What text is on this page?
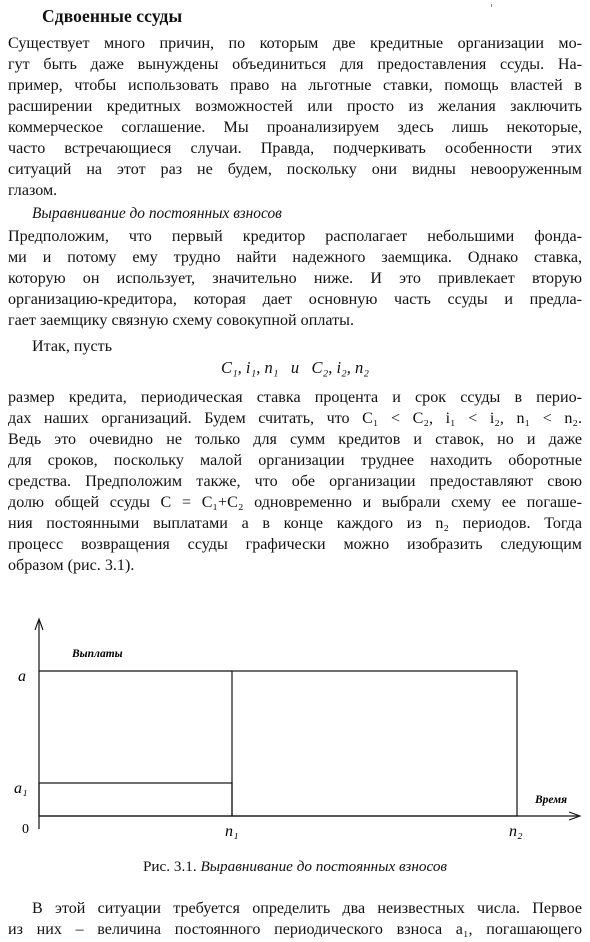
Сдвоенные ссуды	'
Существует много причин, по которым две кредитные организации мо-
гут быть даже вынуждены объединиться для предоставления ссуды. На-
пример, чтобы использовать право на льготные ставки, помощь властей в
расширении кредитных возможностей или просто из желания заключить
коммерческое соглашение. Мы проанализируем здесь лишь некоторые,
часто встречающиеся случаи. Правда, подчеркивать особенности этих
ситуаций на этот раз не будем, поскольку они видны невооруженным
глазом.
Выравнивание до постоянных взносов
Предположим, что первый кредитор располагает небольшими фонда-
ми и потому ему трудно найти надежного заемщика. Однако ставка,
которую он использует, значительно ниже. И это привлекает вторую
организацию-кредитора, которая дает основную часть ссуды и предла-
гает заемщику связную схему совокупной оплаты.
Итак, пусть
C₁, i₁, n₁   и   C₂, i₂, n₂
размер кредита, периодическая ставка процента и срок ссуды в перио-
дах наших организаций. Будем считать, что C₁ < C₂, i₁ < i₂, n₁ < n₂.
Ведь это очевидно не только для сумм кредитов и ставок, но и даже
для сроков, поскольку малой организации труднее находить оборотные
средства. Предположим также, что обе организации предоставляют свою
долю общей ссуды C = C₁+C₂ одновременно и выбрали схему ее погаше-
ния постоянными выплатами a в конце каждого из n₂ периодов. Тогда
процесс возвращения ссуды графически можно изобразить следующим
образом (рис. 3.1).
Выплаты
Время
a
a₁
0	n₁	n₂
Рис. 3.1. Выравнивание до постоянных взносов
В этой ситуации требуется определить два неизвестных числа. Первое
из них – величина постоянного периодического взноса a₁, погашающего
